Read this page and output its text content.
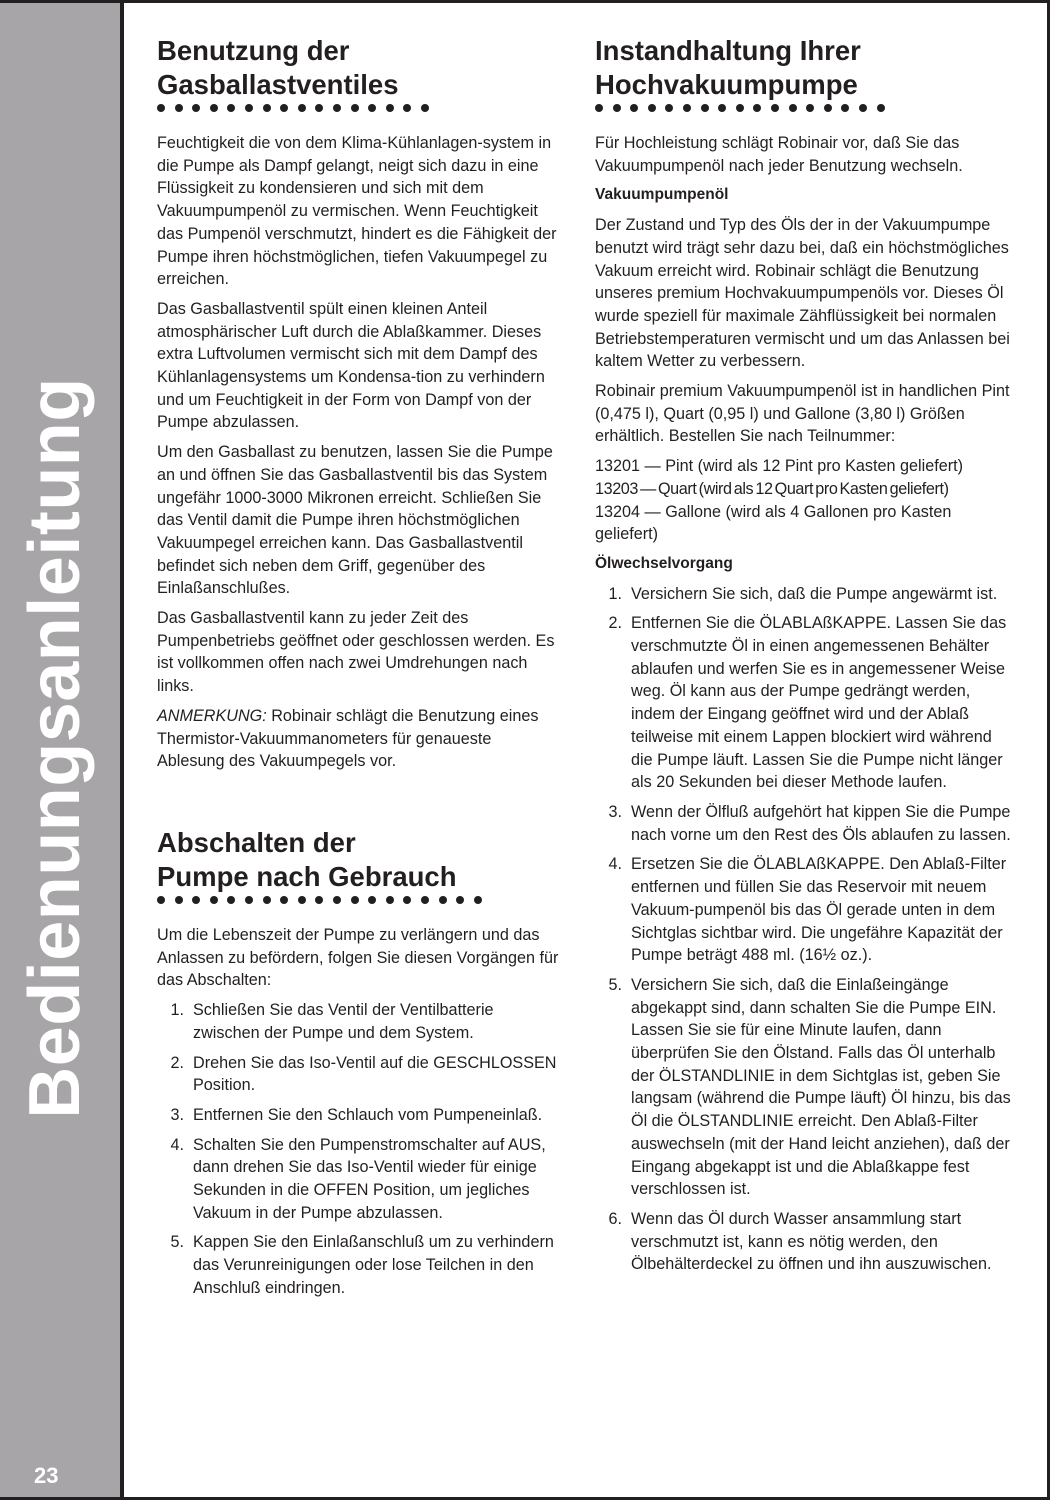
Bedienungsanleitung
23
Benutzung der
Gasballastventiles

Feuchtigkeit die von dem Klima-Kühlanlagen-system in die Pumpe als Dampf gelangt, neigt sich dazu in eine Flüssigkeit zu kondensieren und sich mit dem Vakuumpumpenöl zu vermischen. Wenn Feuchtigkeit das Pumpenöl verschmutzt, hindert es die Fähigkeit der Pumpe ihren höchstmöglichen, tiefen Vakuumpegel zu erreichen.

Das Gasballastventil spült einen kleinen Anteil atmosphärischer Luft durch die Ablaßkammer. Dieses extra Luftvolumen vermischt sich mit dem Dampf des Kühlanlagensystems um Kondensa-tion zu verhindern und um Feuchtigkeit in der Form von Dampf von der Pumpe abzulassen.

Um den Gasballast zu benutzen, lassen Sie die Pumpe an und öffnen Sie das Gasballastventil bis das System ungefähr 1000-3000 Mikronen erreicht. Schließen Sie das Ventil damit die Pumpe ihren höchstmöglichen Vakuumpegel erreichen kann. Das Gasballastventil befindet sich neben dem Griff, gegenüber des Einlaßanschlußes.

Das Gasballastventil kann zu jeder Zeit des Pumpenbetriebs geöffnet oder geschlossen werden. Es ist vollkommen offen nach zwei Umdrehungen nach links.

ANMERKUNG: Robinair schlägt die Benutzung eines Thermistor-Vakuummanometers für genaueste Ablesung des Vakuumpegels vor.

Abschalten der
Pumpe nach Gebrauch

Um die Lebenszeit der Pumpe zu verlängern und das Anlassen zu befördern, folgen Sie diesen Vorgängen für das Abschalten:

1. Schließen Sie das Ventil der Ventilbatterie zwischen der Pumpe und dem System.
2. Drehen Sie das Iso-Ventil auf die GESCHLOSSEN Position.
3. Entfernen Sie den Schlauch vom Pumpeneinlaß.
4. Schalten Sie den Pumpenstromschalter auf AUS, dann drehen Sie das Iso-Ventil wieder für einige Sekunden in die OFFEN Position, um jegliches Vakuum in der Pumpe abzulassen.
5. Kappen Sie den Einlaßanschluß um zu verhindern das Verunreinigungen oder lose Teilchen in den Anschluß eindringen.
Instandhaltung Ihrer
Hochvakuumpumpe

Für Hochleistung schlägt Robinair vor, daß Sie das Vakuumpumpenöl nach jeder Benutzung wechseln.

Vakuumpumpenöl

Der Zustand und Typ des Öls der in der Vakuumpumpe benutzt wird trägt sehr dazu bei, daß ein höchstmögliches Vakuum erreicht wird. Robinair schlägt die Benutzung unseres premium Hochvakuumpumpenöls vor. Dieses Öl wurde speziell für maximale Zähflüssigkeit bei normalen Betriebstemperaturen vermischt und um das Anlassen bei kaltem Wetter zu verbessern.

Robinair premium Vakuumpumpenöl ist in handlichen Pint (0,475 l), Quart (0,95 l) und Gallone (3,80 l) Größen erhältlich. Bestellen Sie nach Teilnummer:

13201 — Pint (wird als 12 Pint pro Kasten geliefert)

13203 — Quart (wird als 12 Quart pro Kasten geliefert)

13204 — Gallone (wird als 4 Gallonen pro Kasten geliefert)

Ölwechselvorgang

1. Versichern Sie sich, daß die Pumpe angewärmt ist.
2. Entfernen Sie die ÖLABLAßKAPPE. Lassen Sie das verschmutzte Öl in einen angemessenen Behälter ablaufen und werfen Sie es in angemessener Weise weg. Öl kann aus der Pumpe gedrängt werden, indem der Eingang geöffnet wird und der Ablaß teilweise mit einem Lappen blockiert wird während die Pumpe läuft. Lassen Sie die Pumpe nicht länger als 20 Sekunden bei dieser Methode laufen.
3. Wenn der Ölfluß aufgehört hat kippen Sie die Pumpe nach vorne um den Rest des Öls ablaufen zu lassen.
4. Ersetzen Sie die ÖLABLAßKAPPE. Den Ablaß-Filter entfernen und füllen Sie das Reservoir mit neuem Vakuum-pumpenöl bis das Öl gerade unten in dem Sichtglas sichtbar wird. Die ungefähre Kapazität der Pumpe beträgt 488 ml. (16½ oz.).
5. Versichern Sie sich, daß die Einlaßeingänge abgekappt sind, dann schalten Sie die Pumpe EIN. Lassen Sie sie für eine Minute laufen, dann überprüfen Sie den Ölstand. Falls das Öl unterhalb der ÖLSTANDLINIE in dem Sichtglas ist, geben Sie langsam (während die Pumpe läuft) Öl hinzu, bis das Öl die ÖLSTANDLINIE erreicht. Den Ablaß-Filter auswechseln (mit der Hand leicht anziehen), daß der Eingang abgekappt ist und die Ablaßkappe fest verschlossen ist.
6. Wenn das Öl durch Wasser ansammlung start verschmutzt ist, kann es nötig werden, den Ölbehälterdeckel zu öffnen und ihn auszuwischen.
